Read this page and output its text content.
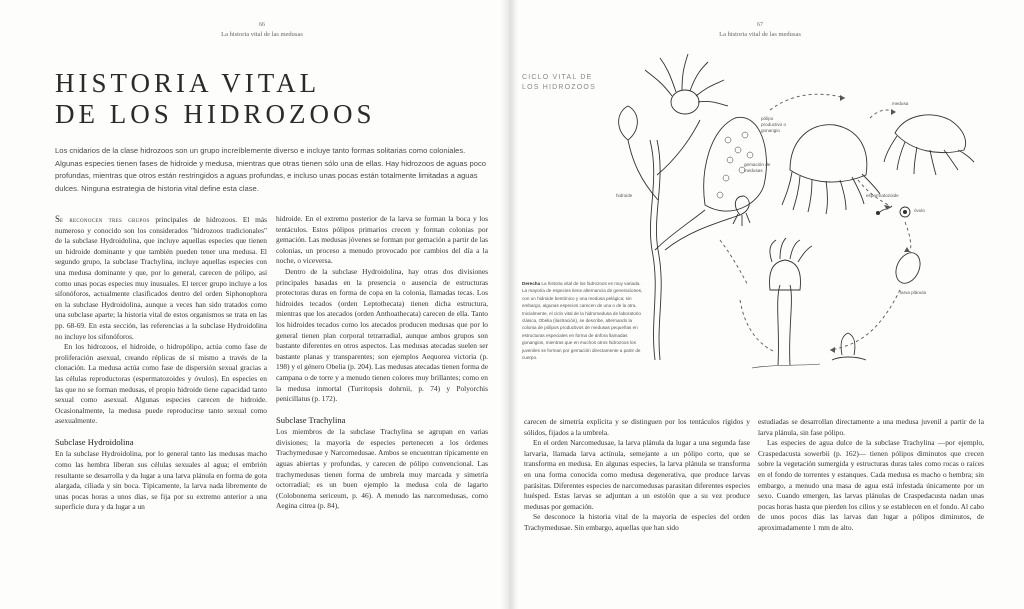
66
La historia vital de las medusas
HISTORIA VITAL
DE LOS HIDROZOOS

Los cnidarios de la clase hidrozoos son un grupo increíblemente diverso e incluye tanto formas solitarias como coloniales. Algunas especies tienen fases de hidroide y medusa, mientras que otras tienen sólo una de ellas. Hay hidrozoos de aguas poco profundas, mientras que otros están restringidos a aguas profundas, e incluso unas pocas están totalmente limitadas a aguas dulces. Ninguna estrategia de historia vital define esta clase.

Se reconocen tres grupos principales de hidrozoos. El más numeroso y conocido son los considerados "hidrozoos tradicionales" de la subclase Hydroidolina, que incluye aquellas especies que tienen un hidroide dominante y que también pueden tener una medusa. El segundo grupo, la subclase Trachylina, incluye aquellas especies con una medusa dominante y que, por lo general, carecen de pólipo, así como unas pocas especies muy inusuales. El tercer grupo incluye a los sifonóforos, actualmente clasificados dentro del orden Siphonophora en la subclase Hydroidolina, aunque a veces han sido tratados como una subclase aparte; la historia vital de estos organismos se trata en las pp. 68-69. En esta sección, las referencias a la subclase Hydroidolina no incluye los sifonóforos.

En los hidrozoos, el hidroide, o hidropólipo, actúa como fase de proliferación asexual, creando réplicas de sí mismo a través de la clonación. La medusa actúa como fase de dispersión sexual gracias a las células reproductoras (espermatozoides y óvulos). En especies en las que no se forman medusas, el propio hidroide tiene capacidad tanto sexual como asexual. Algunas especies carecen de hidroide. Ocasionalmente, la medusa puede reproducirse tanto sexual como asexualmente.

Subclase Hydroidolina

En la subclase Hydroidolina, por lo general tanto las medusas macho como las hembra liberan sus células sexuales al agua; el embrión resultante se desarrolla y da lugar a una larva plánula en forma de gota alargada, ciliada y sin boca. Típicamente, la larva nada libremente de unas pocas horas a unos días, se fija por su extremo anterior a una superficie dura y da lugar a un

hidroide. En el extremo posterior de la larva se forman la boca y los tentáculos. Estos pólipos primarios crecen y forman colonias por gemación. Las medusas jóvenes se forman por gemación a partir de las colonias, un proceso a menudo provocado por cambios del día a la noche, o viceversa.

Dentro de la subclase Hydroidolina, hay otras dos divisiones principales basadas en la presencia o ausencia de estructuras protectoras duras en forma de copa en la colonia, llamadas tecas. Los hidroides tecados (orden Leptothecata) tienen dicha estructura, mientras que los atecados (orden Anthoathecata) carecen de ella. Tanto los hidroides tecados como los atecados producen medusas que por lo general tienen plan corporal tetrarradial, aunque ambos grupos son bastante diferentes en otros aspectos. Las medusas atecadas suelen ser bastante planas y transparentes; son ejemplos Aequorea victoria (p. 198) y el género Obelia (p. 204). Las medusas atecadas tienen forma de campana o de torre y a menudo tienen colores muy brillantes; como en la medusa inmortal (Turritopsis dohrnii, p. 74) y Polyorchis penicillatus (p. 172).

Subclase Trachylina

Los miembros de la subclase Trachylina se agrupan en varias divisiones; la mayoría de especies pertenecen a los órdenes Trachymedusae y Narcomedusae. Ambos se encuentran típicamente en aguas abiertas y profundas, y carecen de pólipo convencional. Las trachymedusas tienen forma de umbrela muy marcada y simetría octorradial; es un buen ejemplo la medusa cola de lagarto (Colobonema sericeum, p. 46). A menudo las narcomedusas, como Aegina citrea (p. 84),

67
La historia vital de las medusas
CICLO VITAL DE
LOS HIDROZOOS
hidroide
pólipo productivo o gonangio
gemación de medusas
medusa
espermatozoide
óvulo
larva plánula

Derecha La historia vital de los hidrozoos es muy variada. La mayoría de especies tiene alternancia de generaciones, con un hidroide bentónico y una medusa pelágica; sin embargo, algunas especies carecen de una o de la otra. Inicialmente, el ciclo vital de la hidromedusa de laboratorio clásica, Obelia (ilustración), se describe, alternando la colonia de pólipos productivos de medusas pequeñas en estructuras especiales en forma de ánfora llamadas gonangios, mientras que en muchos otros hidrozoos los juveniles se forman por gemación directamente a partir de cuerpo.

carecen de simetría explícita y se distinguen por los tentáculos rígidos y sólidos, fijados a la umbrela.

En el orden Narcomedusae, la larva plánula da lugar a una segunda fase larvaria, llamada larva actínula, semejante a un pólipo corto, que se transforma en medusa. En algunas especies, la larva plánula se transforma en una forma conocida como medusa degenerativa, que produce larvas parásitas. Diferentes especies de narcomedusas parasitan diferentes especies huésped. Estas larvas se adjuntan a un estolón que a su vez produce medusas por gemación.

Se desconoce la historia vital de la mayoría de especies del orden Trachymedusae. Sin embargo, aquellas que han sido

estudiadas se desarrollan directamente a una medusa juvenil a partir de la larva plánula, sin fase pólipo.

Las especies de agua dulce de la subclase Trachylina —por ejemplo, Craspedacusta sowerbii (p. 162)— tienen pólipos diminutos que crecen sobre la vegetación sumergida y estructuras duras tales como rocas o raíces en el fondo de torrentes y estanques. Cada medusa es macho o hembra; sin embargo, a menudo una masa de agua está infestada únicamente por un sexo. Cuando emergen, las larvas plánulas de Craspedacusta nadan unas pocas horas hasta que pierden los cilios y se establecen en el fondo. Al cabo de unos pocos días las larvas dan lugar a pólipos diminutos, de aproximadamente 1 mm de alto.
